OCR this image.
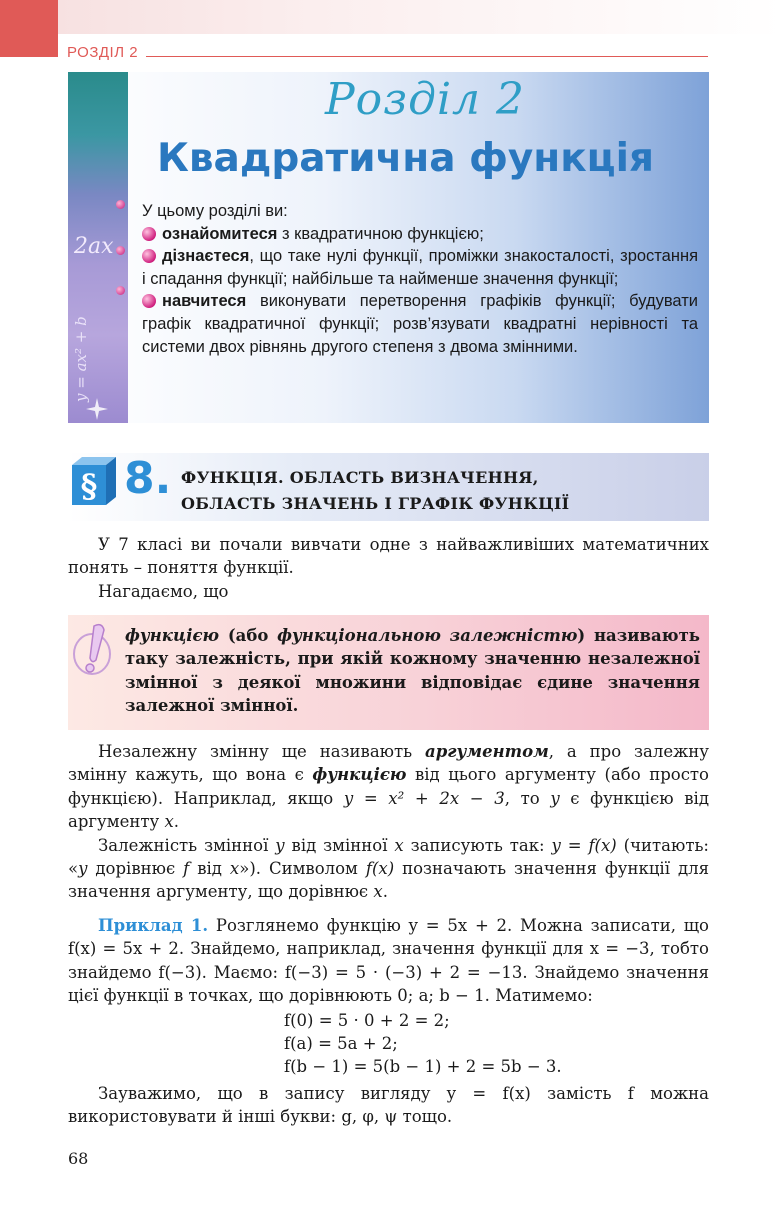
РОЗДІЛ 2
2ax
y = ax² + b
Розділ 2
Квадратична функція

У цьому розділі ви:

ознайомитеся з квадратичною функцією;

дізнаєтеся, що таке нулі функції, проміжки знакосталості, зростання і спадання функції; найбільше та найменше значення функції;

навчитеся виконувати перетворення графіків функції; будувати графік квадратичної функції; розв’язувати квадратні нерівності та системи двох рівнянь другого степеня з двома змінними.

§ 8. ФУНКЦІЯ. ОБЛАСТЬ ВИЗНАЧЕННЯ,
ОБЛАСТЬ ЗНАЧЕНЬ І ГРАФІК ФУНКЦІЇ

У 7 класі ви почали вивчати одне з найважливіших математичних понять – поняття функції.

Нагадаємо, що

функцією (або функціональною залежністю) називають таку залежність, при якій кожному значенню незалежної змінної з деякої множини відповідає єдине значення залежної змінної.

Незалежну змінну ще називають аргументом, а про залежну змінну кажуть, що вона є функцією від цього аргументу (або просто функцією). Наприклад, якщо y = x² + 2x − 3, то y є функцією від аргументу x.

Залежність змінної y від змінної x записують так: y = f(x) (читають: «y дорівнює f від x»). Символом f(x) позначають значення функції для значення аргументу, що дорівнює x.

Приклад 1. Розглянемо функцію y = 5x + 2. Можна записати, що f(x) = 5x + 2. Знайдемо, наприклад, значення функції для x = −3, тобто знайдемо f(−3). Маємо: f(−3) = 5 · (−3) + 2 = −13. Знайдемо значення цієї функції в точках, що дорівнюють 0; a; b − 1. Матимемо:

f(a) = 5a + 2;
f(b − 1) = 5(b − 1) + 2 = 5b − 3.
f(0) = 5 · 0 + 2 = 2;

Зауважимо, що в запису вигляду y = f(x) замість f можна використовувати й інші букви: g, φ, ψ тощо.

68
